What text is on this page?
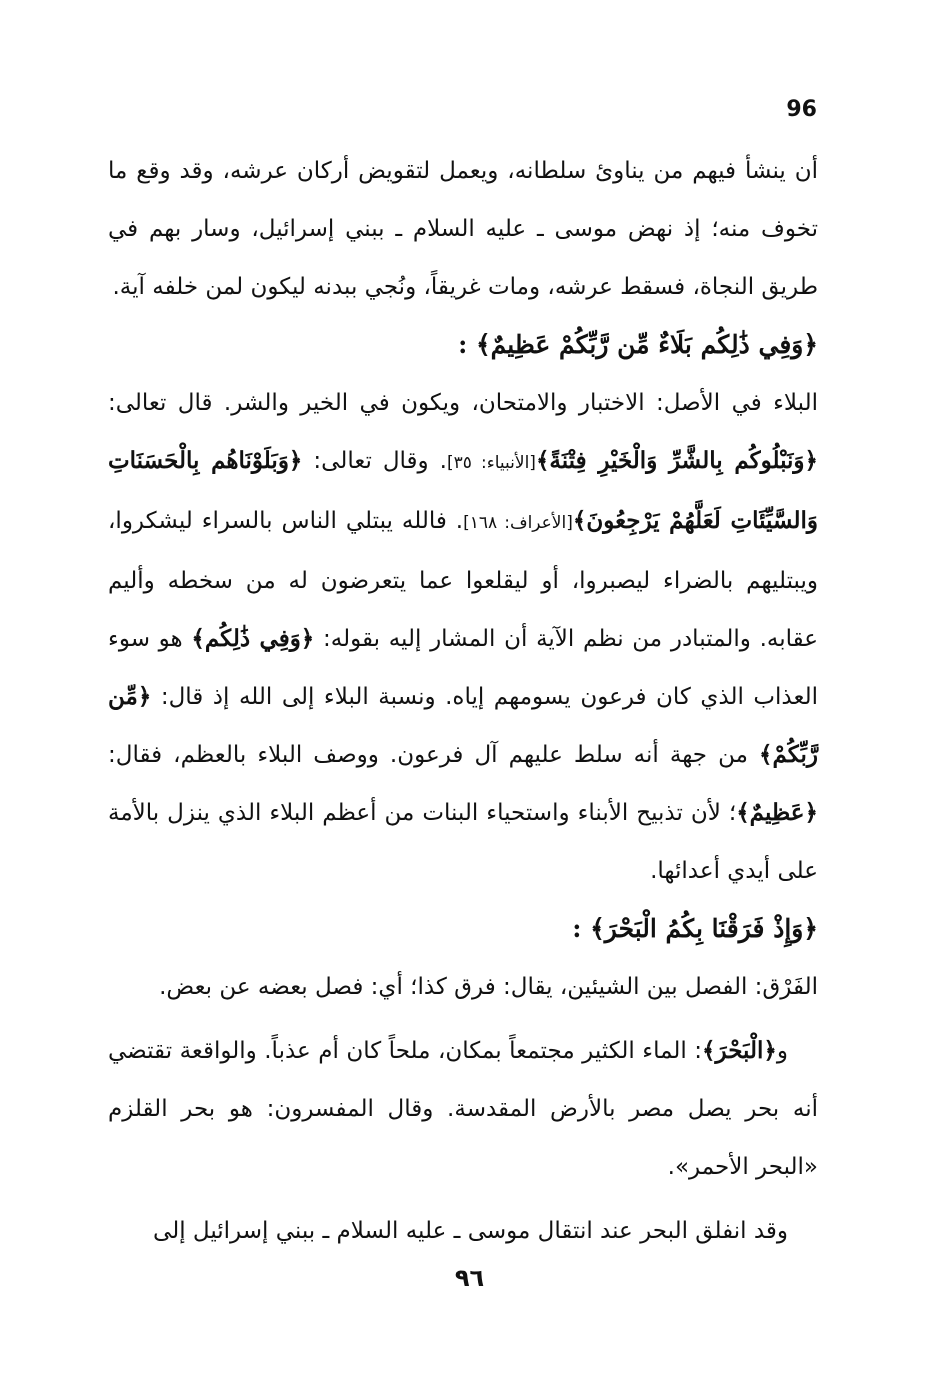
96

أن ينشأ فيهم من يناوئ سلطانه، ويعمل لتقويض أركان عرشه، وقد وقع ما تخوف منه؛ إذ نهض موسى ـ عليه السلام ـ ببني إسرائيل، وسار بهم في طريق النجاة، فسقط عرشه، ومات غريقاً، ونُجي ببدنه ليكون لمن خلفه آية.

﴿وَفِي ذَٰلِكُم بَلَاءٌ مِّن رَّبِّكُمْ عَظِيمٌ﴾ :

البلاء في الأصل: الاختبار والامتحان، ويكون في الخير والشر. قال تعالى: ﴿وَنَبْلُوكُم بِالشَّرِّ وَالْخَيْرِ فِتْنَةً﴾[الأنبياء: ٣٥]. وقال تعالى: ﴿وَبَلَوْنَاهُم بِالْحَسَنَاتِ وَالسَّيِّئَاتِ لَعَلَّهُمْ يَرْجِعُونَ﴾[الأعراف: ١٦٨]. فالله يبتلي الناس بالسراء ليشكروا، ويبتليهم بالضراء ليصبروا، أو ليقلعوا عما يتعرضون له من سخطه وأليم عقابه. والمتبادر من نظم الآية أن المشار إليه بقوله: ﴿وَفِي ذَٰلِكُم﴾ هو سوء العذاب الذي كان فرعون يسومهم إياه. ونسبة البلاء إلى الله إذ قال: ﴿مِّن رَّبِّكُمْ﴾ من جهة أنه سلط عليهم آل فرعون. ووصف البلاء بالعظم، فقال: ﴿عَظِيمٌ﴾؛ لأن تذبيح الأبناء واستحياء البنات من أعظم البلاء الذي ينزل بالأمة على أيدي أعدائها.

﴿وَإِذْ فَرَقْنَا بِكُمُ الْبَحْرَ﴾ :

الفَرْق: الفصل بين الشيئين، يقال: فرق كذا؛ أي: فصل بعضه عن بعض.

و﴿الْبَحْرَ﴾: الماء الكثير مجتمعاً بمكان، ملحاً كان أم عذباً. والواقعة تقتضي أنه بحر يصل مصر بالأرض المقدسة. وقال المفسرون: هو بحر القلزم «البحر الأحمر».

وقد انفلق البحر عند انتقال موسى ـ عليه السلام ـ ببني إسرائيل إلى

٩٦
